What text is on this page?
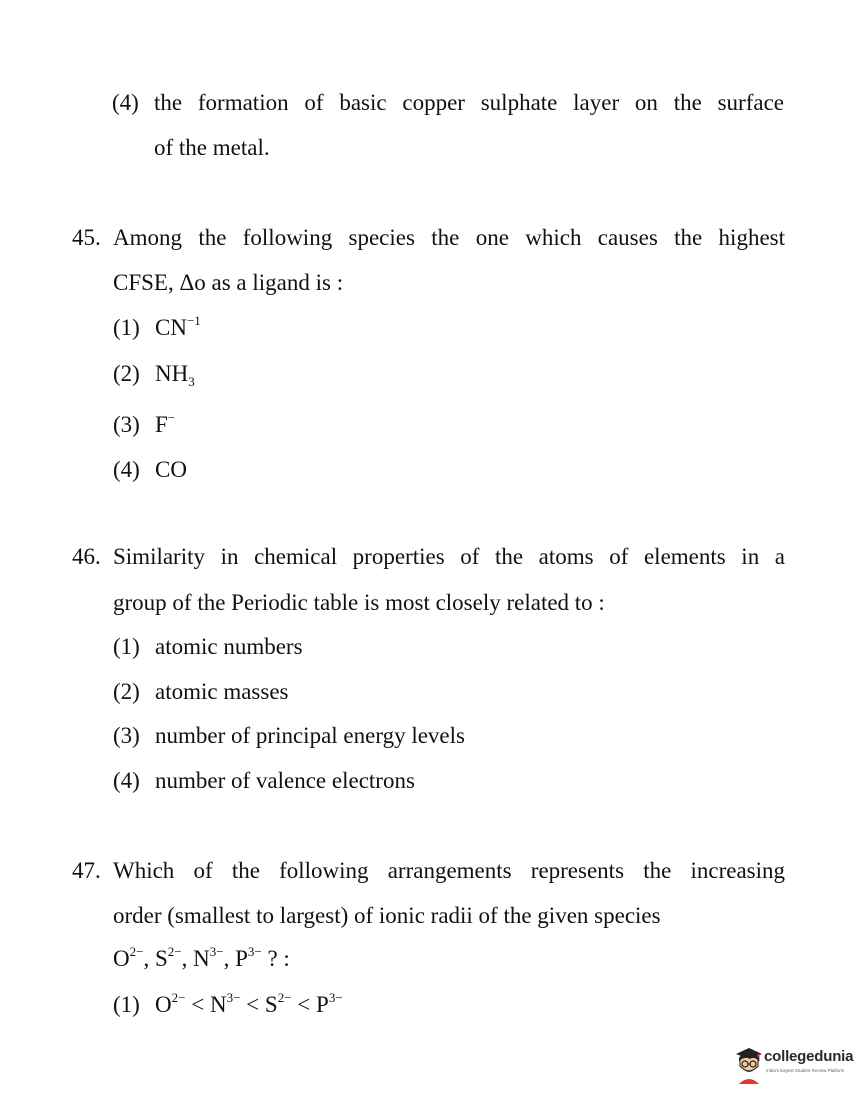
(4) the formation of basic copper sulphate layer on the surface
of the metal.
45. Among the following species the one which causes the highest
CFSE, Δo as a ligand is :
(1) $CN^{-1}$
(2) $NH_3$
(3) F−
(4) CO
46. Similarity in chemical properties of the atoms of elements in a
group of the Periodic table is most closely related to :
(1) atomic numbers
(2) atomic masses
(3) number of principal energy levels
(4) number of valence electrons
47. Which of the following arrangements represents the increasing
order (smallest to largest) of ionic radii of the given species
$O^{2-}$, $S^{2-}$, $N^{3-}$, $P^{3-}$ ? :
(1) $O^{2-} < N^{3-} < S^{2-} < P^{3-}$
collegedunia
India's largest Student Review Platform
